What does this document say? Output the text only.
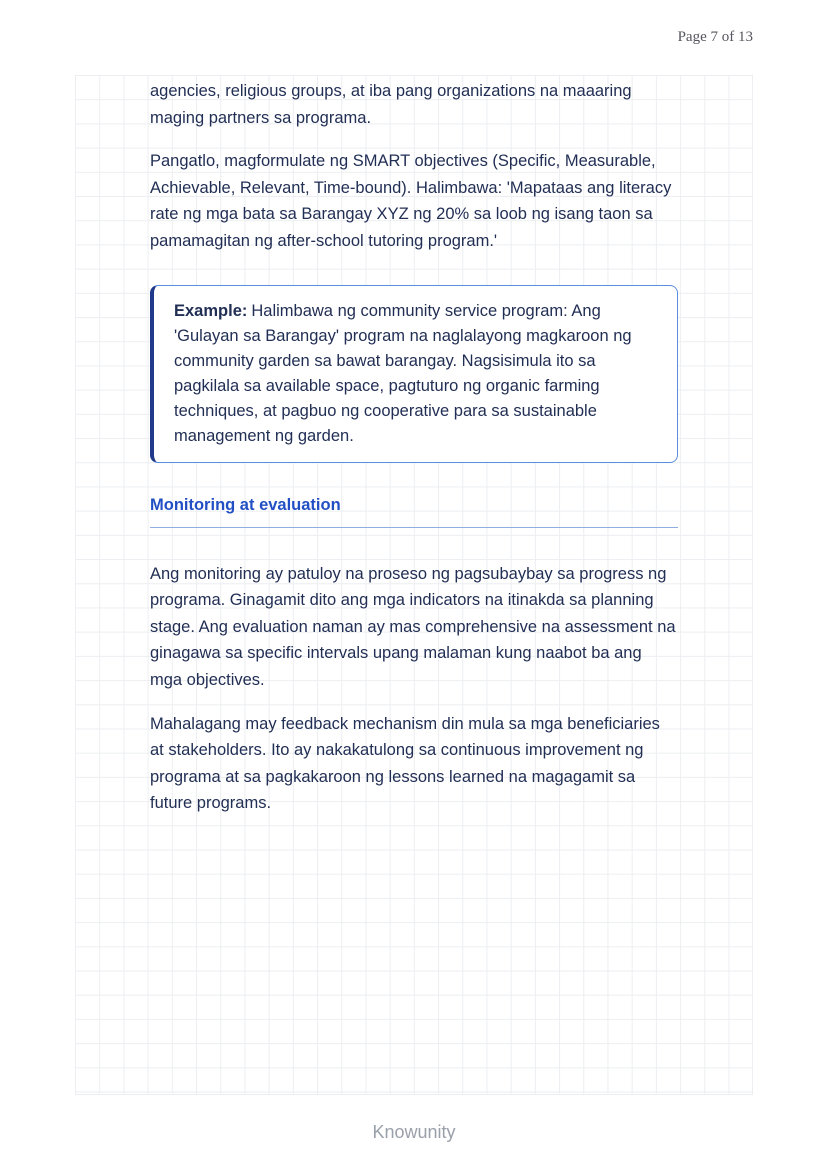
Page 7 of 13

agencies, religious groups, at iba pang organizations na maaaring maging partners sa programa.

Pangatlo, magformulate ng SMART objectives (Specific, Measurable, Achievable, Relevant, Time-bound). Halimbawa: 'Mapataas ang literacy rate ng mga bata sa Barangay XYZ ng 20% sa loob ng isang taon sa pamamagitan ng after-school tutoring program.'

Example: Halimbawa ng community service program: Ang 'Gulayan sa Barangay' program na naglalayong magkaroon ng community garden sa bawat barangay. Nagsisimula ito sa pagkilala sa available space, pagtuturo ng organic farming techniques, at pagbuo ng cooperative para sa sustainable management ng garden.

Monitoring at evaluation

Ang monitoring ay patuloy na proseso ng pagsubaybay sa progress ng programa. Ginagamit dito ang mga indicators na itinakda sa planning stage. Ang evaluation naman ay mas comprehensive na assessment na ginagawa sa specific intervals upang malaman kung naabot ba ang mga objectives.

Mahalagang may feedback mechanism din mula sa mga beneficiaries at stakeholders. Ito ay nakakatulong sa continuous improvement ng programa at sa pagkakaroon ng lessons learned na magagamit sa future programs.

Knowunity
